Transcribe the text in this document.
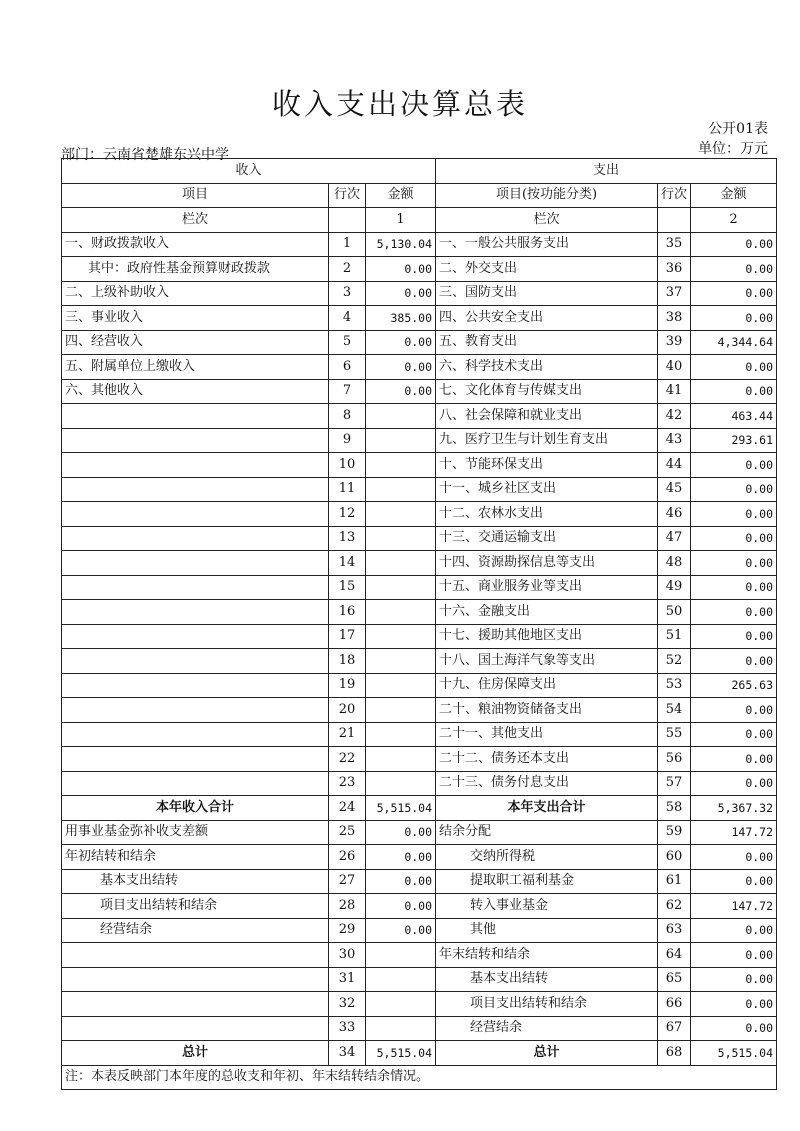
收入支出决算总表
公开01表
单位：万元
部门：云南省楚雄东兴中学
收入			支出		
项目	行次	金额	项目(按功能分类)	行次	金额
栏次		1	栏次		2
一、财政拨款收入	1	5,130.04	一、一般公共服务支出	35	0.00
其中：政府性基金预算财政拨款	2	0.00	二、外交支出	36	0.00
二、上级补助收入	3	0.00	三、国防支出	37	0.00
三、事业收入	4	385.00	四、公共安全支出	38	0.00
四、经营收入	5	0.00	五、教育支出	39	4,344.64
五、附属单位上缴收入	6	0.00	六、科学技术支出	40	0.00
六、其他收入	7	0.00	七、文化体育与传媒支出	41	0.00
	8		八、社会保障和就业支出	42	463.44
	9		九、医疗卫生与计划生育支出	43	293.61
	10		十、节能环保支出	44	0.00
	11		十一、城乡社区支出	45	0.00
	12		十二、农林水支出	46	0.00
	13		十三、交通运输支出	47	0.00
	14		十四、资源勘探信息等支出	48	0.00
	15		十五、商业服务业等支出	49	0.00
	16		十六、金融支出	50	0.00
	17		十七、援助其他地区支出	51	0.00
	18		十八、国土海洋气象等支出	52	0.00
	19		十九、住房保障支出	53	265.63
	20		二十、粮油物资储备支出	54	0.00
	21		二十一、其他支出	55	0.00
	22		二十二、债务还本支出	56	0.00
	23		二十三、债务付息支出	57	0.00
本年收入合计	24	5,515.04	本年支出合计	58	5,367.32
用事业基金弥补收支差额	25	0.00	结余分配	59	147.72
年初结转和结余	26	0.00	交纳所得税	60	0.00
基本支出结转	27	0.00	提取职工福利基金	61	0.00
项目支出结转和结余	28	0.00	转入事业基金	62	147.72
经营结余	29	0.00	其他	63	0.00
	30		年末结转和结余	64	0.00
	31		基本支出结转	65	0.00
	32		项目支出结转和结余	66	0.00
	33		经营结余	67	0.00
总计	34	5,515.04	总计	68	5,515.04
注：本表反映部门本年度的总收支和年初、年末结转结余情况。					
